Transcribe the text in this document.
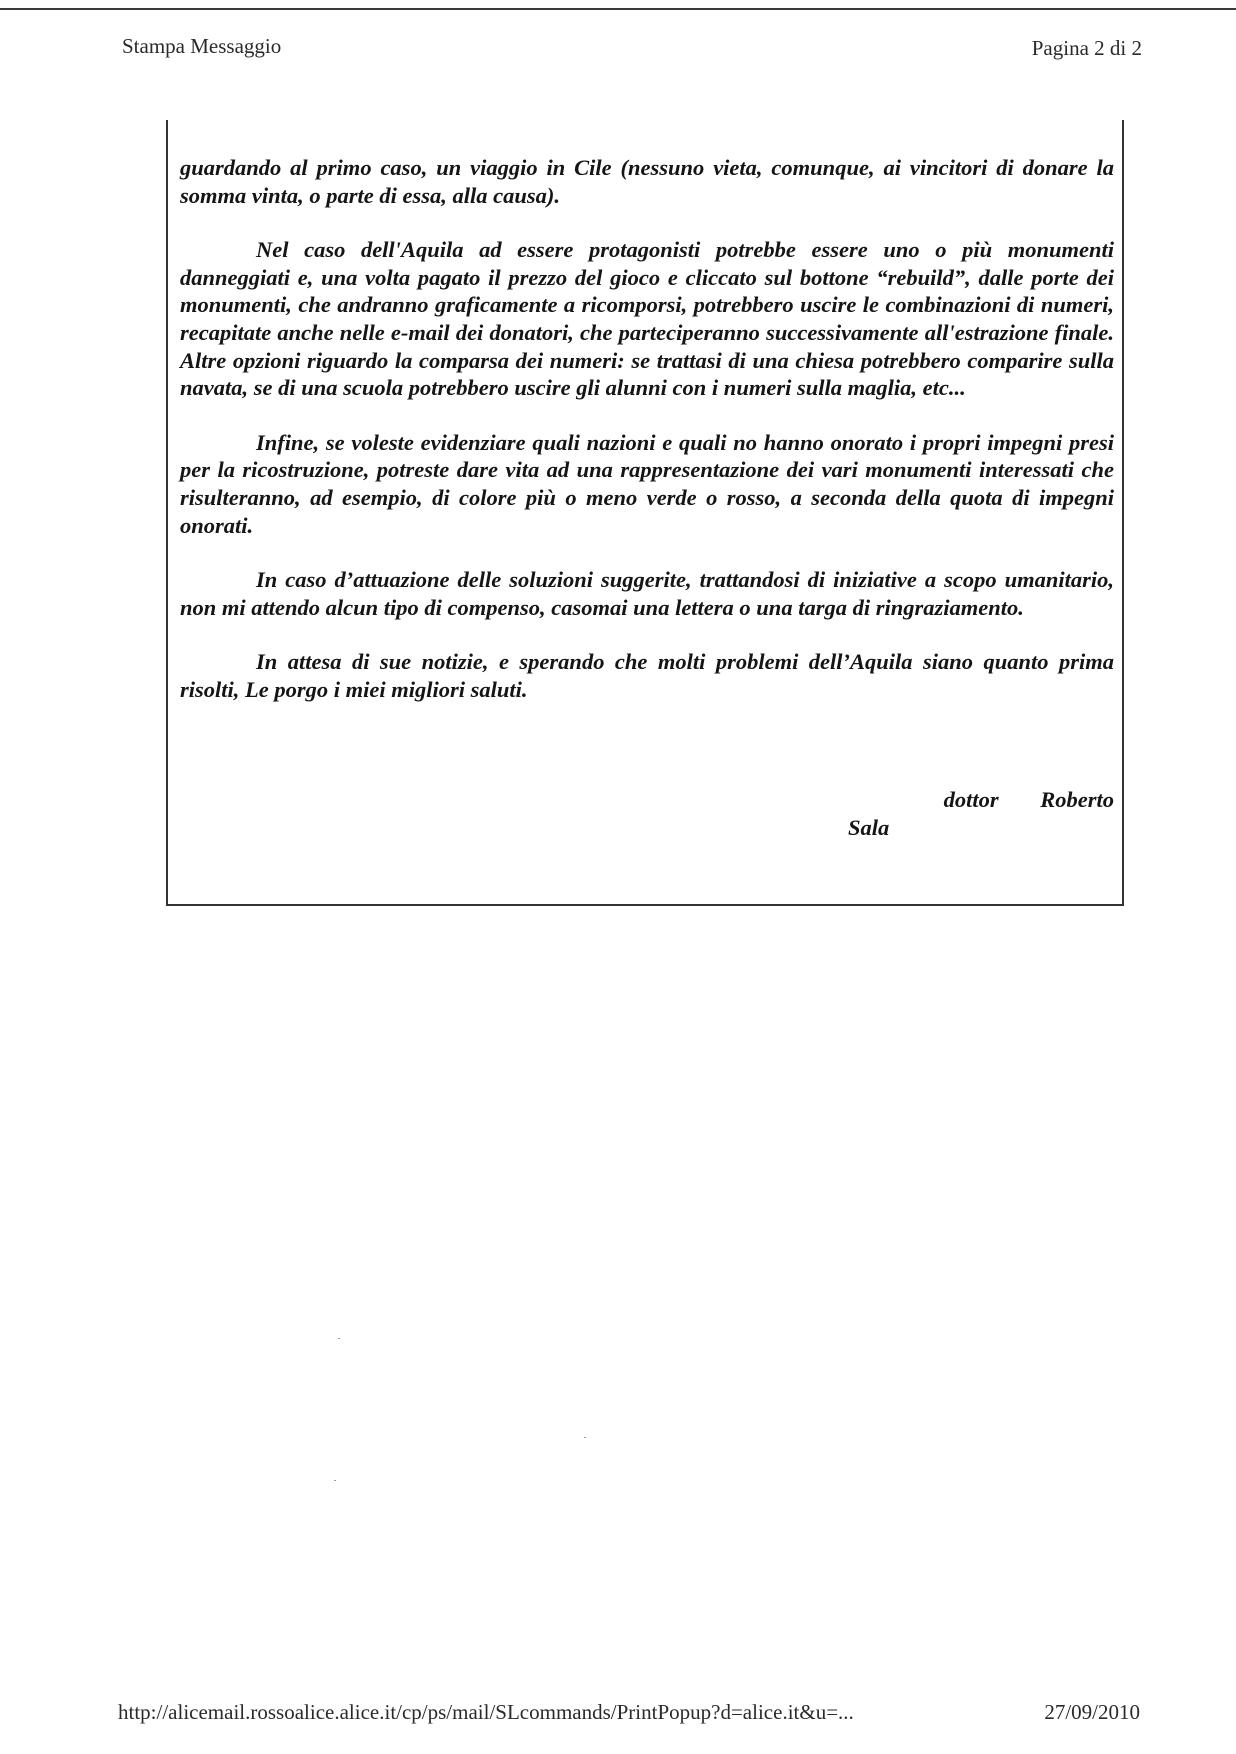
Stampa Messaggio	Pagina 2 di 2

guardando al primo caso, un viaggio in Cile (nessuno vieta, comunque, ai vincitori di donare la somma vinta, o parte di essa, alla causa).

Nel caso dell'Aquila ad essere protagonisti potrebbe essere uno o più monumenti danneggiati e, una volta pagato il prezzo del gioco e cliccato sul bottone “rebuild”, dalle porte dei monumenti, che andranno graficamente a ricomporsi, potrebbero uscire le combinazioni di numeri, recapitate anche nelle e-mail dei donatori, che parteciperanno successivamente all'estrazione finale. Altre opzioni riguardo la comparsa dei numeri: se trattasi di una chiesa potrebbero comparire sulla navata, se di una scuola potrebbero uscire gli alunni con i numeri sulla maglia, etc...

Infine, se voleste evidenziare quali nazioni e quali no hanno onorato i propri impegni presi per la ricostruzione, potreste dare vita ad una rappresentazione dei vari monumenti interessati che risulteranno, ad esempio, di colore più o meno verde o rosso, a seconda della quota di impegni onorati.

In caso d’attuazione delle soluzioni suggerite, trattandosi di iniziative a scopo umanitario, non mi attendo alcun tipo di compenso, casomai una lettera o una targa di ringraziamento.

In attesa di sue notizie, e sperando che molti problemi dell’Aquila siano quanto prima risolti, Le porgo i miei migliori saluti.

dottor Roberto
Sala
http://alicemail.rossoalice.alice.it/cp/ps/mail/SLcommands/PrintPopup?d=alice.it&u=...	27/09/2010
